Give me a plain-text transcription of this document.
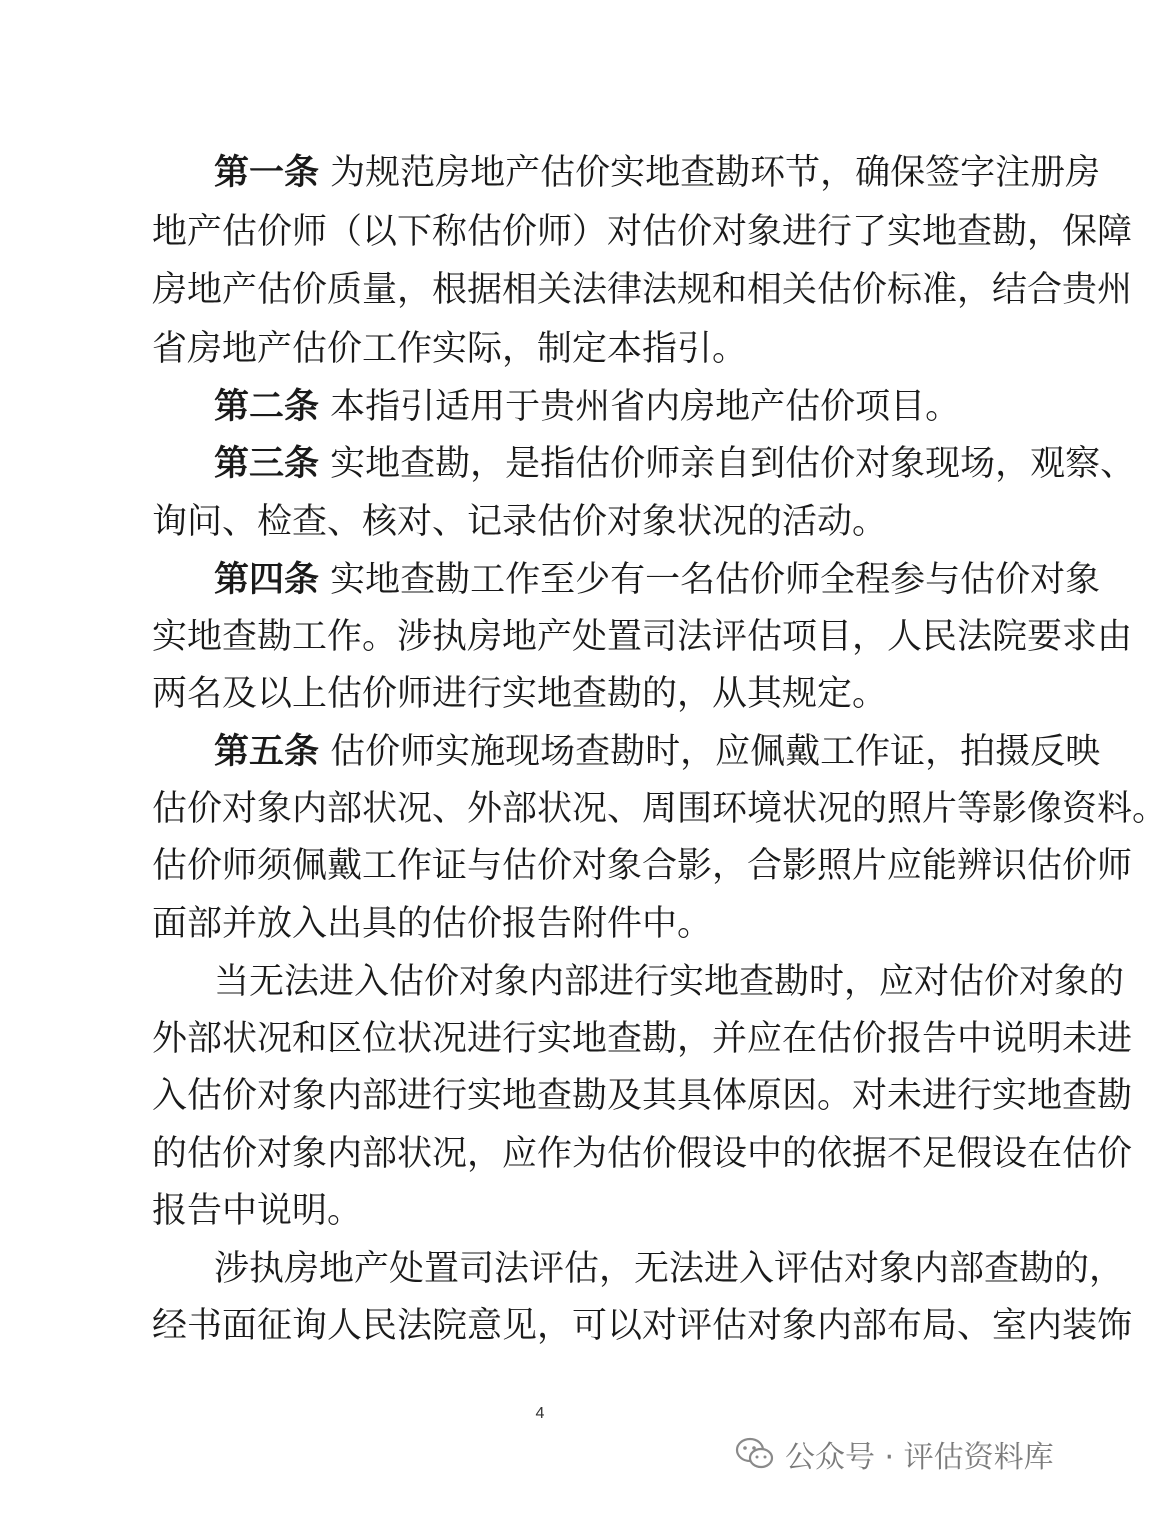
第一条 为规范房地产估价实地查勘环节，确保签字注册房
地产估价师（以下称估价师）对估价对象进行了实地查勘，保障
房地产估价质量，根据相关法律法规和相关估价标准，结合贵州
省房地产估价工作实际，制定本指引。
第二条 本指引适用于贵州省内房地产估价项目。
第三条 实地查勘，是指估价师亲自到估价对象现场，观察、
询问、检查、核对、记录估价对象状况的活动。
第四条 实地查勘工作至少有一名估价师全程参与估价对象
实地查勘工作。涉执房地产处置司法评估项目，人民法院要求由
两名及以上估价师进行实地查勘的，从其规定。
第五条 估价师实施现场查勘时，应佩戴工作证，拍摄反映
估价对象内部状况、外部状况、周围环境状况的照片等影像资料。
估价师须佩戴工作证与估价对象合影，合影照片应能辨识估价师
面部并放入出具的估价报告附件中。
当无法进入估价对象内部进行实地查勘时，应对估价对象的
外部状况和区位状况进行实地查勘，并应在估价报告中说明未进
入估价对象内部进行实地查勘及其具体原因。对未进行实地查勘
的估价对象内部状况，应作为估价假设中的依据不足假设在估价
报告中说明。
涉执房地产处置司法评估，无法进入评估对象内部查勘的，
经书面征询人民法院意见，可以对评估对象内部布局、室内装饰
4
公众号 · 评估资料库
